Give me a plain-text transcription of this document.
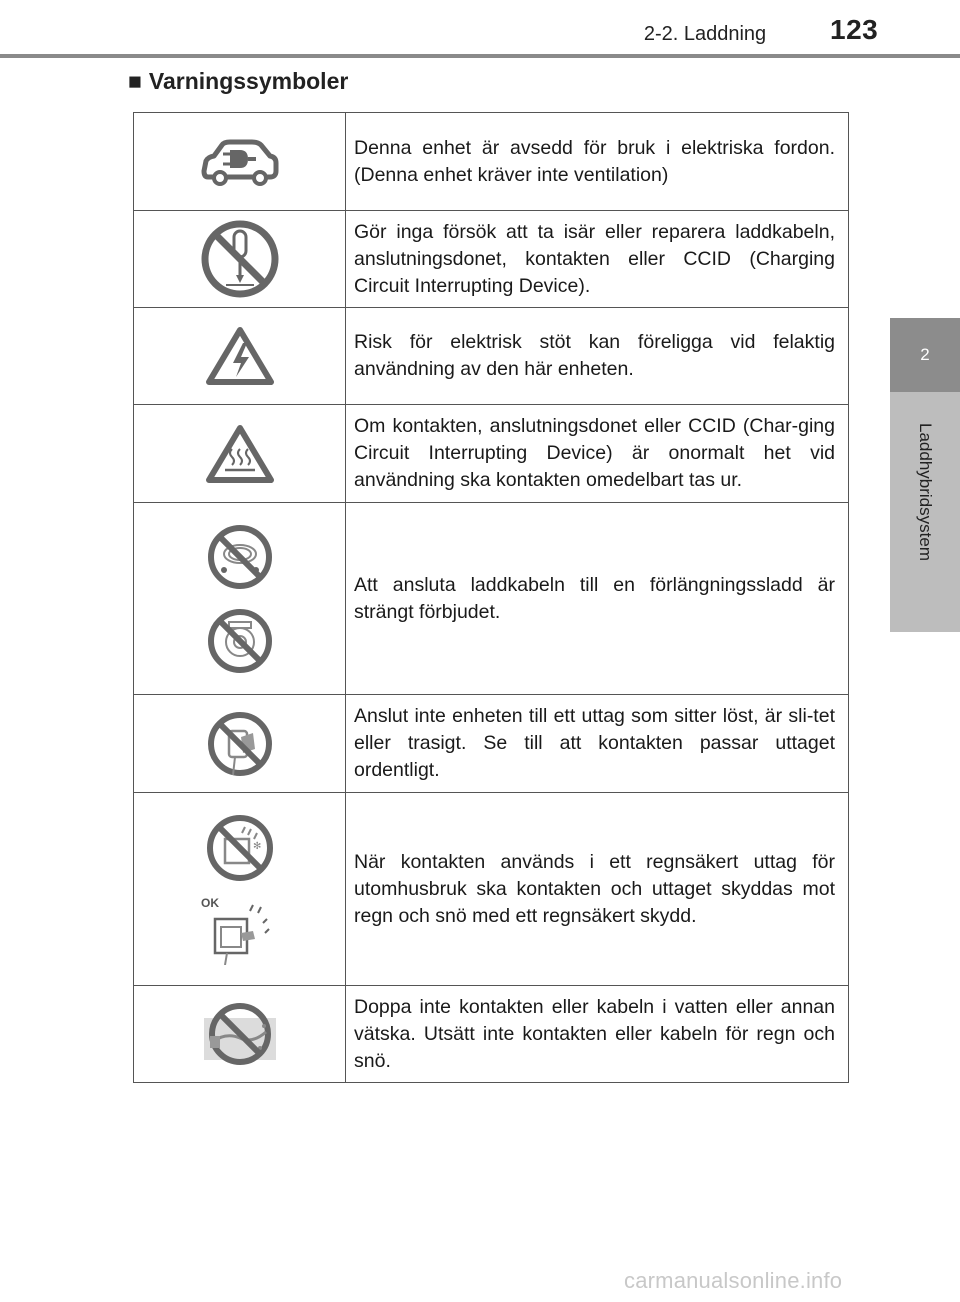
2-2. Laddning	123
2
Laddhybridsystem
■ Varningssymboler
	Denna enhet är avsedd för bruk i elektriska fordon. (Denna enhet kräver inte ventilation)

	Gör inga försök att ta isär eller reparera laddkabeln, anslutningsdonet, kontakten eller CCID (Charging Circuit Interrupting Device).

	Risk för elektrisk stöt kan föreligga vid felaktig användning av den här enheten.

	Om kontakten, anslutningsdonet eller CCID (Char-ging Circuit Interrupting Device) är onormalt het vid användning ska kontakten omedelbart tas ur.

	Att ansluta laddkabeln till en förlängningssladd är strängt förbjudet.

	Anslut inte enheten till ett uttag som sitter löst, är sli-tet eller trasigt. Se till att kontakten passar uttaget ordentligt.

✻
OK	När kontakten används i ett regnsäkert uttag för utomhusbruk ska kontakten och uttaget skyddas mot regn och snö med ett regnsäkert skydd.

	Doppa inte kontakten eller kabeln i vatten eller annan vätska. Utsätt inte kontakten eller kabeln för regn och snö.
carmanualsonline.info
